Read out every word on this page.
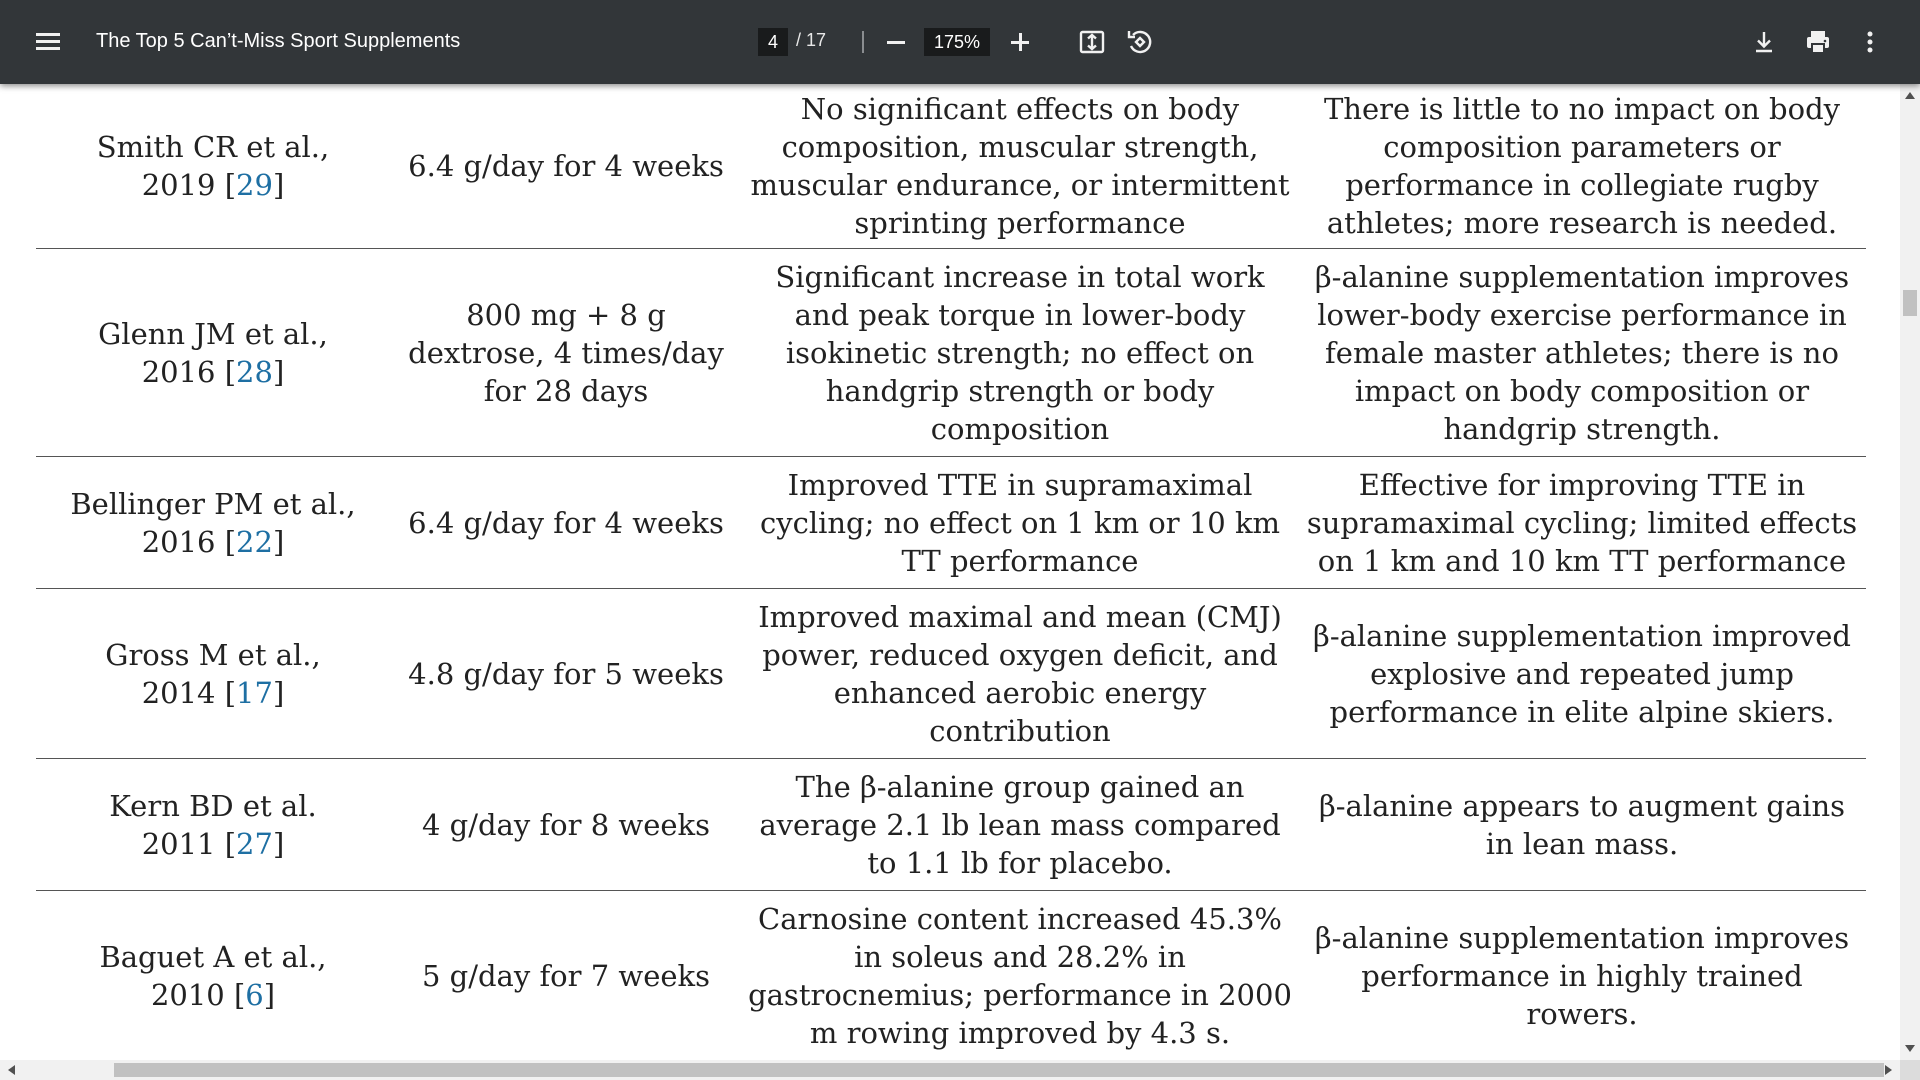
The Top 5 Can’t-Miss Sport Supplements	4	/ 17	175%
Smith CR et al.,
2019 [29]	6.4 g/day for 4 weeks	No significant effects on body composition, muscular strength, muscular endurance, or intermittent sprinting performance	There is little to no impact on body composition parameters or performance in collegiate rugby athletes; more research is needed.
Glenn JM et al.,
2016 [28]	800 mg + 8 g dextrose, 4 times/day for 28 days	Significant increase in total work and peak torque in lower-body isokinetic strength; no effect on handgrip strength or body composition	β-alanine supplementation improves lower-body exercise performance in female master athletes; there is no impact on body composition or handgrip strength.
Bellinger PM et al.,
2016 [22]	6.4 g/day for 4 weeks	Improved TTE in supramaximal cycling; no effect on 1 km or 10 km TT performance	Effective for improving TTE in supramaximal cycling; limited effects on 1 km and 10 km TT performance
Gross M et al.,
2014 [17]	4.8 g/day for 5 weeks	Improved maximal and mean (CMJ) power, reduced oxygen deficit, and enhanced aerobic energy contribution	β-alanine supplementation improved explosive and repeated jump performance in elite alpine skiers.
Kern BD et al.
2011 [27]	4 g/day for 8 weeks	The β-alanine group gained an average 2.1 lb lean mass compared to 1.1 lb for placebo.	β-alanine appears to augment gains in lean mass.
Baguet A et al.,
2010 [6]	5 g/day for 7 weeks	Carnosine content increased 45.3% in soleus and 28.2% in gastrocnemius; performance in 2000 m rowing improved by 4.3 s.	β-alanine supplementation improves performance in highly trained rowers.
